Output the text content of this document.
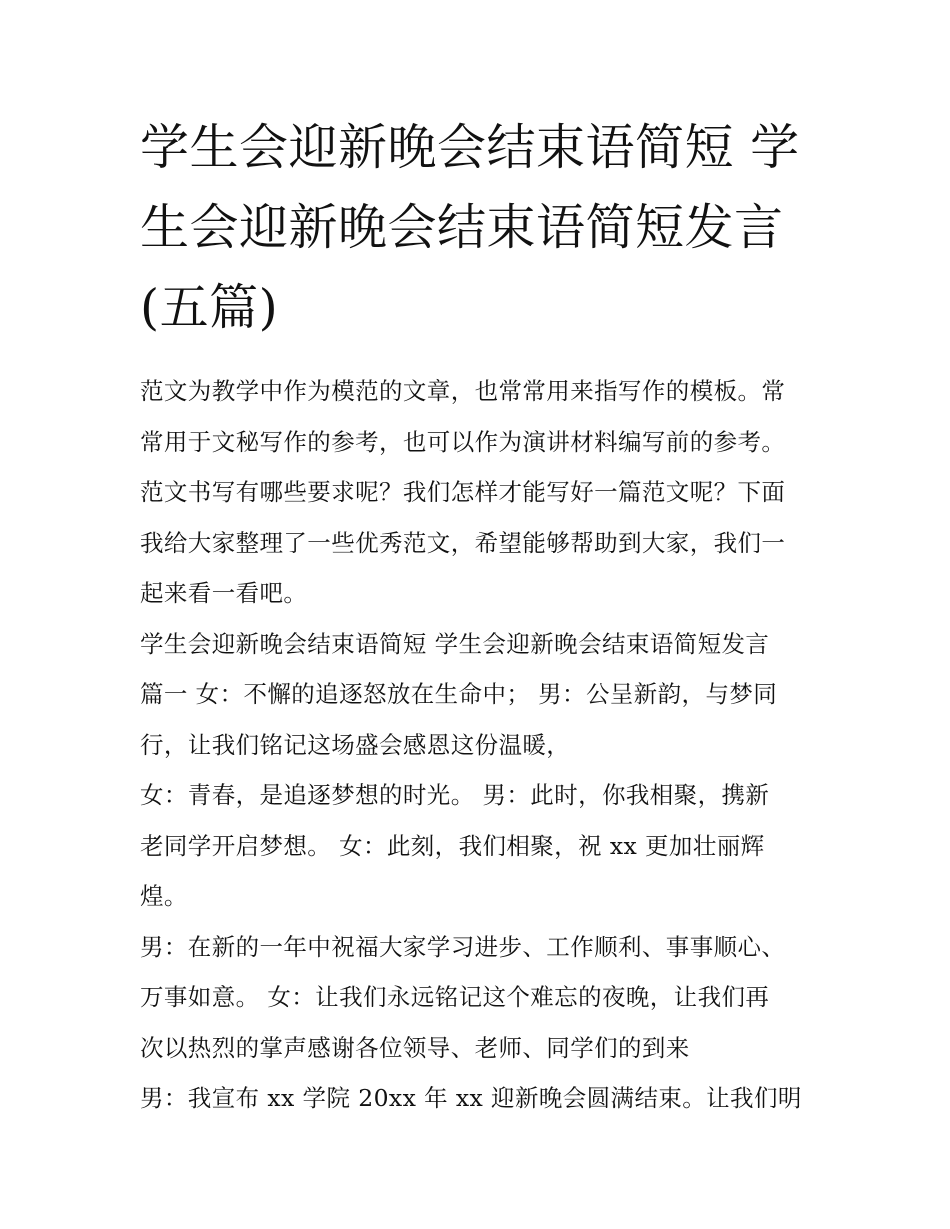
学生会迎新晚会结束语简短 学
生会迎新晚会结束语简短发言
(五篇)

范文为教学中作为模范的文章，也常常用来指写作的模板。常
常用于文秘写作的参考，也可以作为演讲材料编写前的参考。
范文书写有哪些要求呢？我们怎样才能写好一篇范文呢？下面
我给大家整理了一些优秀范文，希望能够帮助到大家，我们一
起来看一看吧。

学生会迎新晚会结束语简短 学生会迎新晚会结束语简短发言
篇一 女：不懈的追逐怒放在生命中； 男：公呈新韵，与梦同
行，让我们铭记这场盛会感恩这份温暖，

女：青春，是追逐梦想的时光。 男：此时，你我相聚，携新
老同学开启梦想。 女：此刻，我们相聚，祝 xx 更加壮丽辉
煌。

男：在新的一年中祝福大家学习进步、工作顺利、事事顺心、
万事如意。 女：让我们永远铭记这个难忘的夜晚，让我们再
次以热烈的掌声感谢各位领导、老师、同学们的到来

男：我宣布 xx 学院 20xx 年 xx 迎新晚会圆满结束。让我们明
